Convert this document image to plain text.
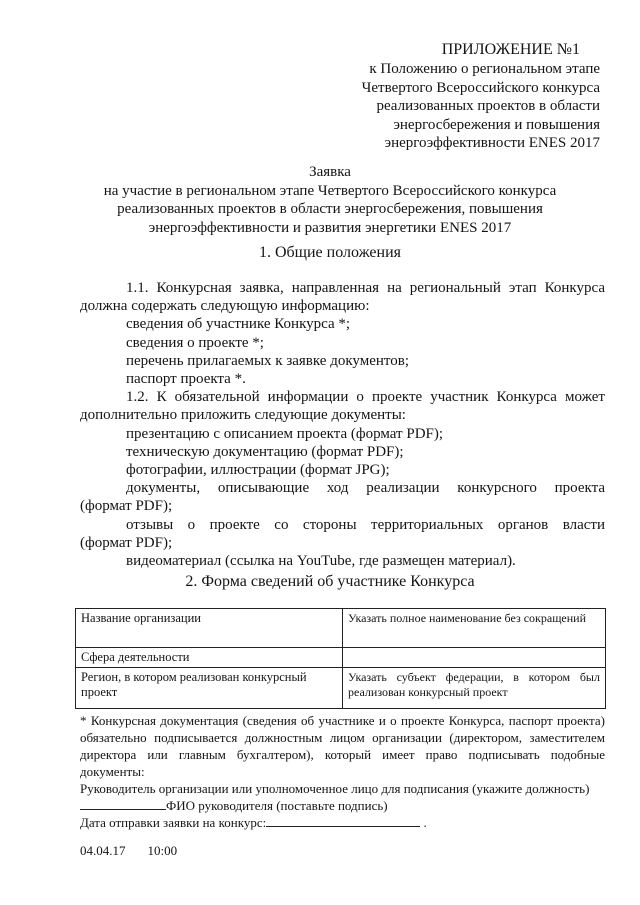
ПРИЛОЖЕНИЕ №1
к Положению о региональном этапе
Четвертого Всероссийского конкурса
реализованных проектов в области
энергосбережения и повышения
энергоэффективности ENES 2017
Заявка
на участие в региональном этапе Четвертого Всероссийского конкурса
реализованных проектов в области энергосбережения, повышения
энергоэффективности и развития энергетики ENES 2017
1. Общие положения

1.1. Конкурсная заявка, направленная на региональный этап Конкурса должна содержать следующую информацию:

сведения об участнике Конкурса *;

сведения о проекте *;

перечень прилагаемых к заявке документов;

паспорт проекта *.

1.2. К обязательной информации о проекте участник Конкурса может дополнительно приложить следующие документы:

презентацию с описанием проекта (формат PDF);

техническую документацию (формат PDF);

фотографии, иллюстрации (формат JPG);

документы, описывающие ход реализации конкурсного проекта

(формат PDF);

отзывы о проекте со стороны территориальных органов власти

(формат PDF);

видеоматериал (ссылка на YouTube, где размещен материал).

2. Форма сведений об участнике Конкурса
Название организации	Указать полное наименование без сокращений
Сфера деятельности	
Регион, в котором реализован конкурсный проект	Указать субъект федерации, в котором был реализован конкурсный проект

* Конкурсная документация (сведения об участнике и о проекте Конкурса, паспорт проекта) обязательно подписывается должностным лицом организации (директором, заместителем директора или главным бухгалтером), который имеет право подписывать подобные документы:

Руководитель организации или уполномоченное лицо для подписания (укажите должность)

ФИО руководителя (поставьте подпись)

Дата отправки заявки на конкурс:	.

04.04.17 10:00
